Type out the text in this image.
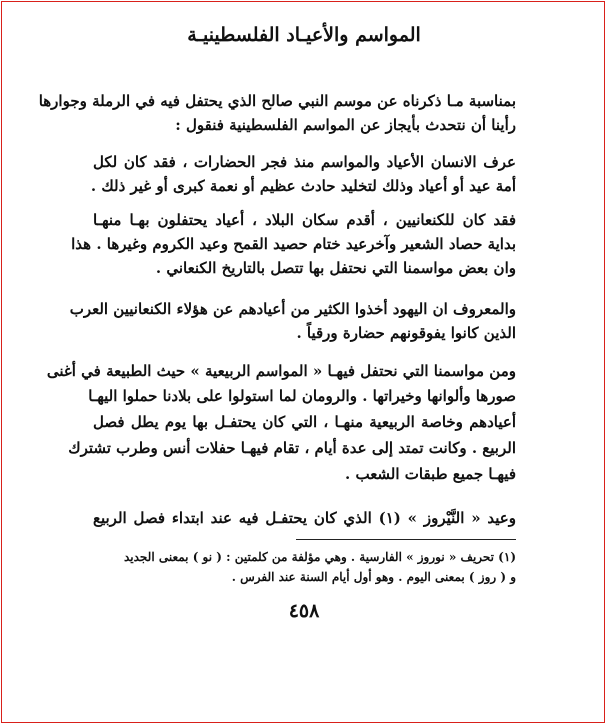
المواسم والأعيـاد الفلسطينيـة
بمناسبة مـا ذكرناه عن موسم النبي صالح الذي يحتفل فيه في الرملة وجوارها
رأينا أن نتحدث بأيجاز عن المواسم الفلسطينية فنقول :
عرف الانسان الأعياد والمواسم منذ فجر الحضارات ، فقد كان لكل
أمة عيد أو أعياد وذلك لتخليد حادث عظيم أو نعمة كبرى أو غير ذلك .
فقد كان للكنعانيين ، أقدم سكان البلاد ، أعياد يحتفلون بهـا منهـا
بداية حصاد الشعير وآخرعيد ختام حصيد القمح وعيد الكروم وغيرها . هذا
وان بعض مواسمنا التي نحتفل بها تتصل بالتاريخ الكنعاني .
والمعروف ان اليهود أخذوا الكثير من أعيادهم عن هؤلاء الكنعانيين العرب
الذين كانوا يفوقونهم حضارة ورقياً .
ومن مواسمنا التي نحتفل فيهـا « المواسم الربيعية » حيث الطبيعة في أغنى
صورها وألوانها وخيراتها . والرومان لما استولوا على بلادنا حملوا اليهـا
أعيادهم وخاصة الربيعية منهـا ، التي كان يحتفـل بها يوم يطل فصل
الربيع . وكانت تمتد إلى عدة أيام ، تقام فيهـا حفلات أنس وطرب تشترك
فيهـا جميع طبقات الشعب .
وعيد « النَّيْروز » (١) الذي كان يحتفـل فيه عند ابتداء فصل الربيع
(١) تحريف « نوروز » الفارسية . وهي مؤلفة من كلمتين : ( نو ) بمعنى الجديد
و ( روز ) بمعنى اليوم . وهو أول أيام السنة عند الفرس .
٤٥٨
